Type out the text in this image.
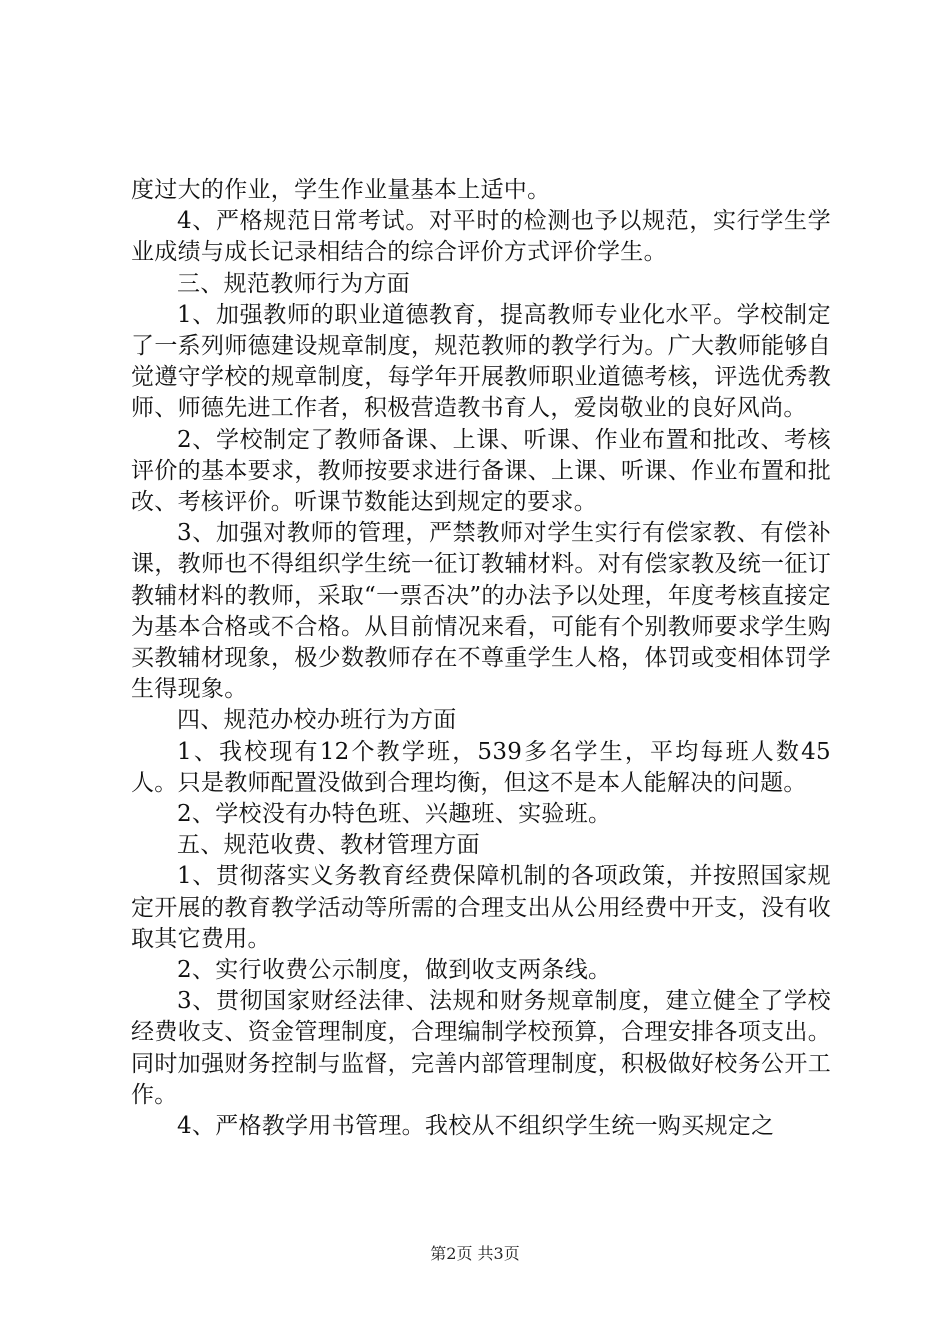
度过大的作业，学生作业量基本上适中。

4、严格规范日常考试。对平时的检测也予以规范，实行学生学业成绩与成长记录相结合的综合评价方式评价学生。

三、规范教师行为方面

1、加强教师的职业道德教育，提高教师专业化水平。学校制定了一系列师德建设规章制度，规范教师的教学行为。广大教师能够自觉遵守学校的规章制度，每学年开展教师职业道德考核，评选优秀教师、师德先进工作者，积极营造教书育人，爱岗敬业的良好风尚。

2、学校制定了教师备课、上课、听课、作业布置和批改、考核评价的基本要求，教师按要求进行备课、上课、听课、作业布置和批改、考核评价。听课节数能达到规定的要求。

3、加强对教师的管理，严禁教师对学生实行有偿家教、有偿补课，教师也不得组织学生统一征订教辅材料。对有偿家教及统一征订教辅材料的教师，采取“一票否决”的办法予以处理，年度考核直接定为基本合格或不合格。从目前情况来看，可能有个别教师要求学生购买教辅材现象，极少数教师存在不尊重学生人格，体罚或变相体罚学生得现象。

四、规范办校办班行为方面

1、我校现有12个教学班，539多名学生，平均每班人数45人。只是教师配置没做到合理均衡，但这不是本人能解决的问题。

2、学校没有办特色班、兴趣班、实验班。

五、规范收费、教材管理方面

1、贯彻落实义务教育经费保障机制的各项政策，并按照国家规定开展的教育教学活动等所需的合理支出从公用经费中开支，没有收取其它费用。

2、实行收费公示制度，做到收支两条线。

3、贯彻国家财经法律、法规和财务规章制度，建立健全了学校经费收支、资金管理制度，合理编制学校预算，合理安排各项支出。同时加强财务控制与监督，完善内部管理制度，积极做好校务公开工作。

4、严格教学用书管理。我校从不组织学生统一购买规定之

第2页 共3页
